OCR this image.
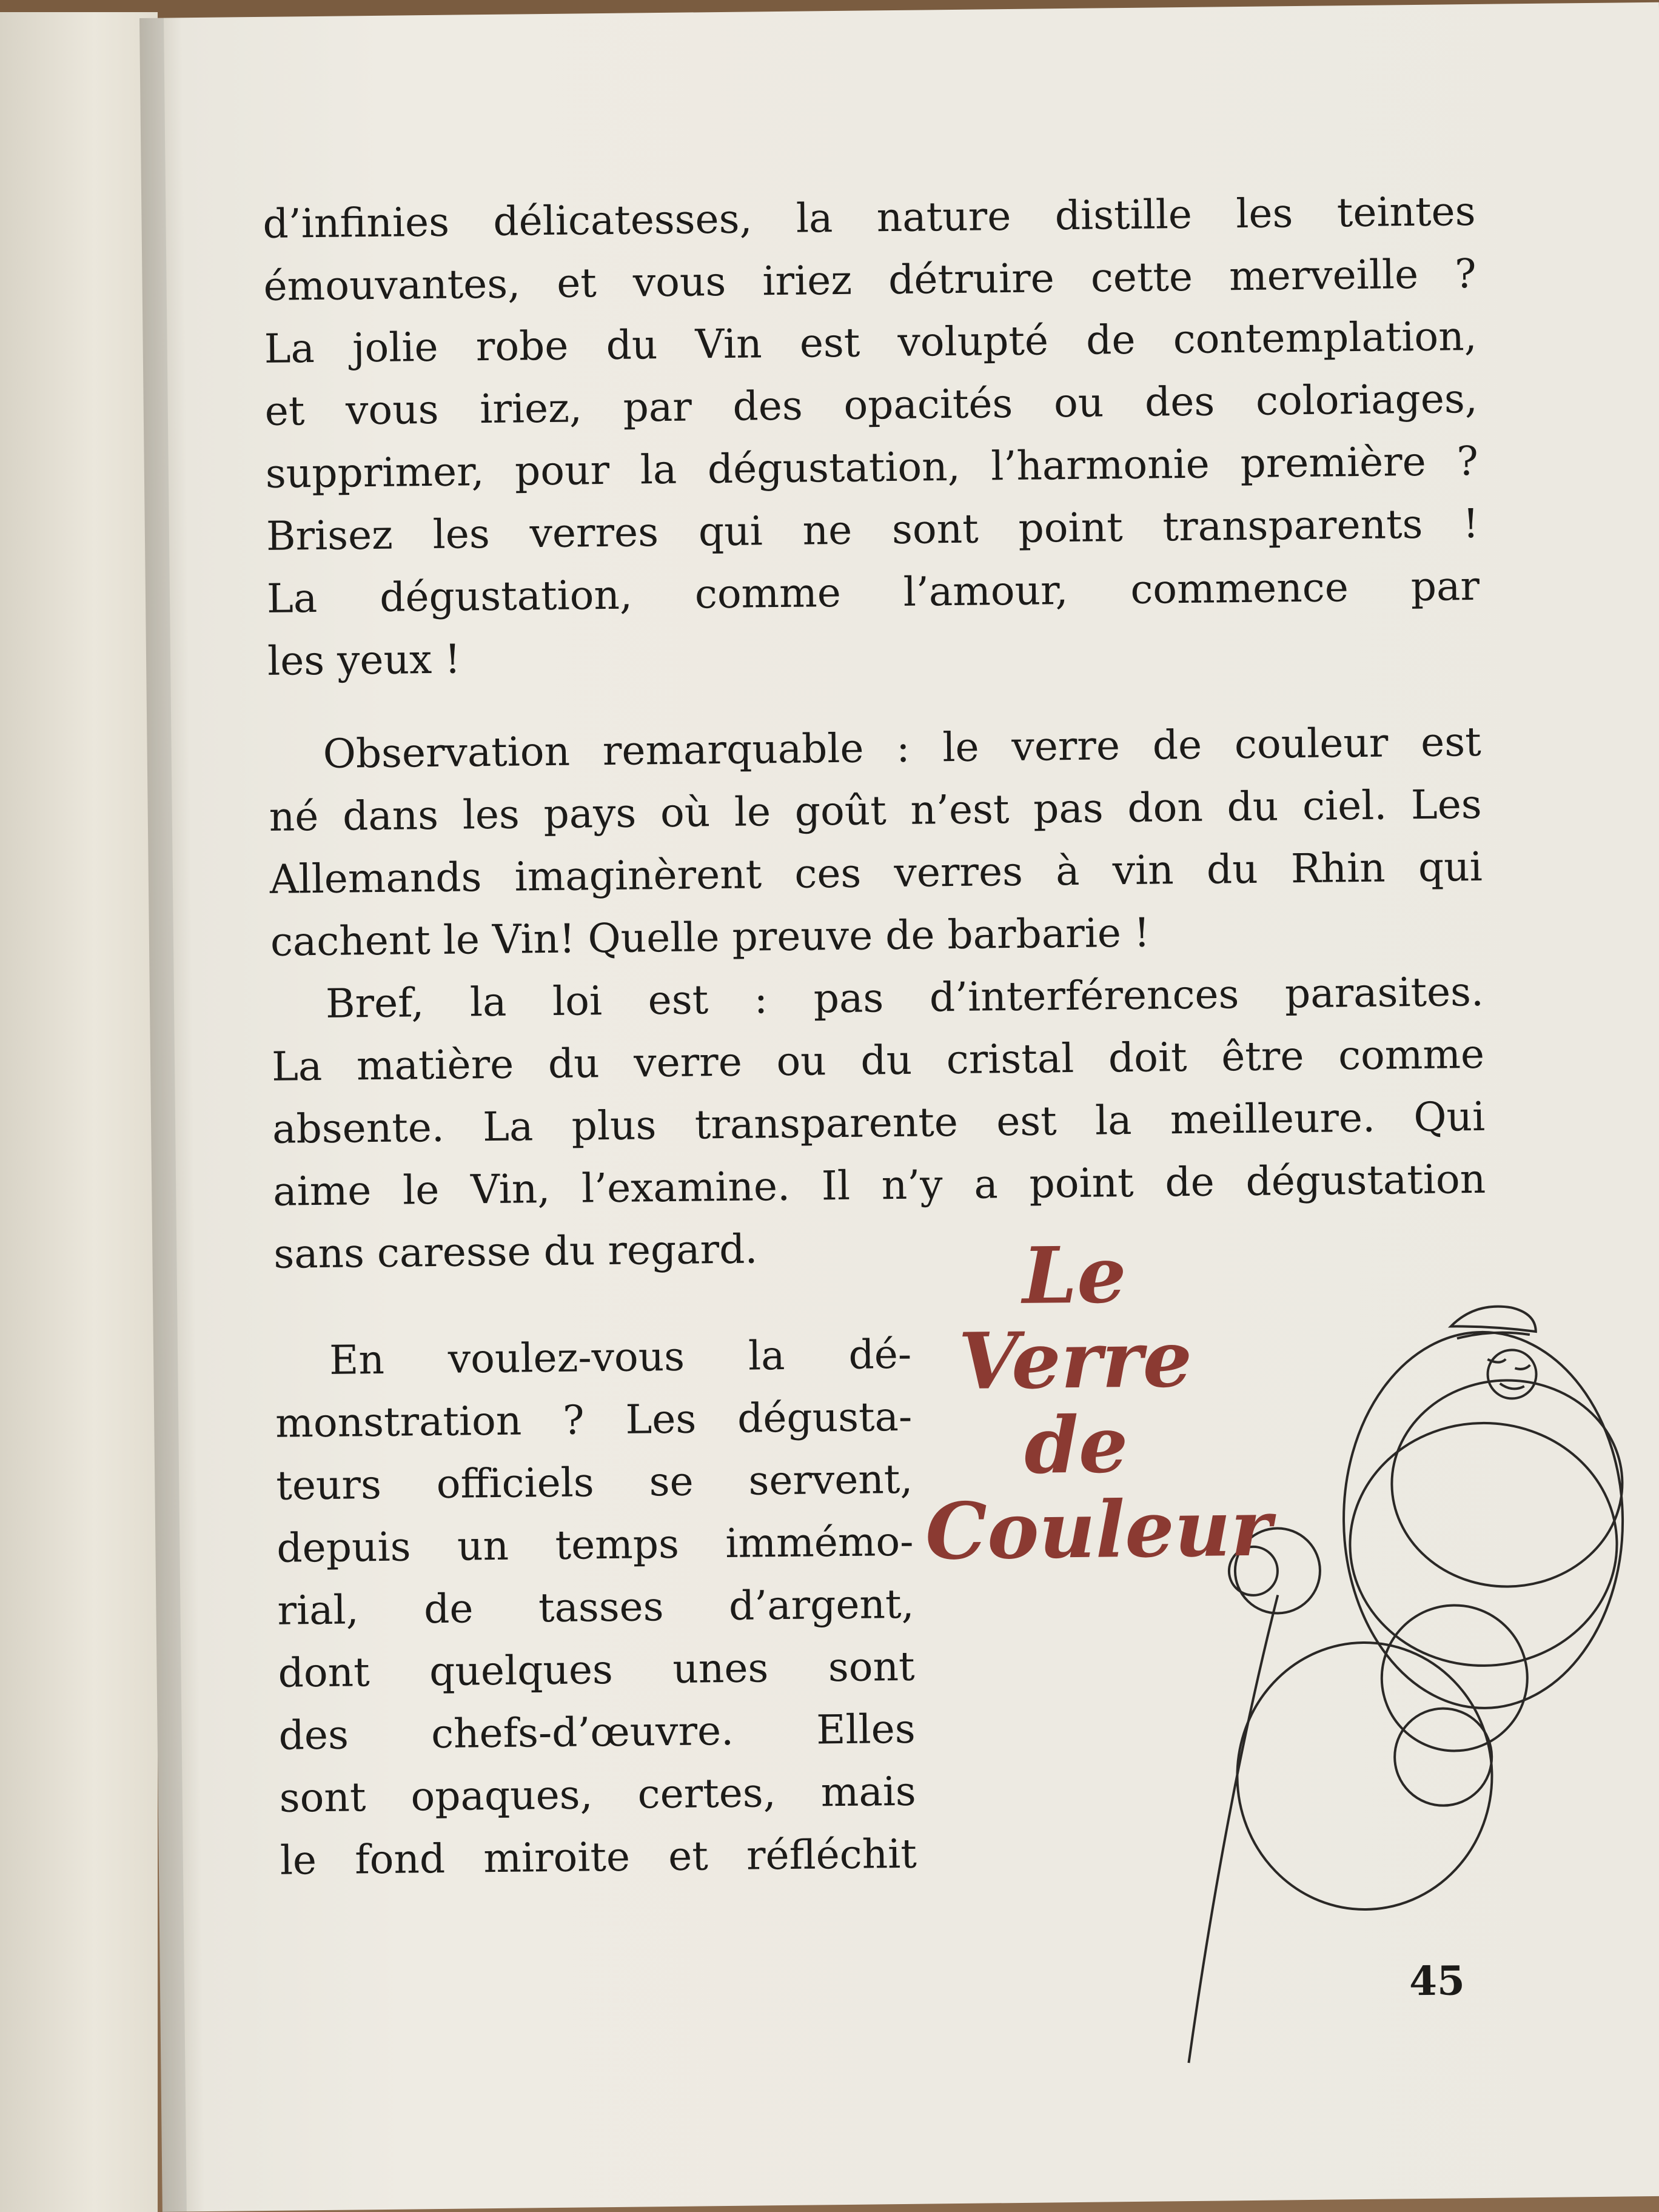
d’infinies délicatesses, la nature distille les teintes
émouvantes, et vous iriez détruire cette merveille ?
La jolie robe du Vin est volupté de contemplation,
et vous iriez, par des opacités ou des coloriages,
supprimer, pour la dégustation, l’harmonie première ?
Brisez les verres qui ne sont point transparents !
La dégustation, comme l’amour, commence par
les yeux !
Observation remarquable : le verre de couleur est
né dans les pays où le goût n’est pas don du ciel. Les
Allemands imaginèrent ces verres à vin du Rhin qui
cachent le Vin! Quelle preuve de barbarie !
Bref, la loi est : pas d’interférences parasites.
La matière du verre ou du cristal doit être comme
absente. La plus transparente est la meilleure. Qui
aime le Vin, l’examine. Il n’y a point de dégustation
sans caresse du regard.
En voulez-vous la dé-
monstration ? Les dégusta-
teurs officiels se servent,
depuis un temps immémo-
rial, de tasses d’argent,
dont quelques unes sont
des chefs-d’œuvre. Elles
sont opaques, certes, mais
le fond miroite et réfléchit
Le
Verre
de
Couleur
45
